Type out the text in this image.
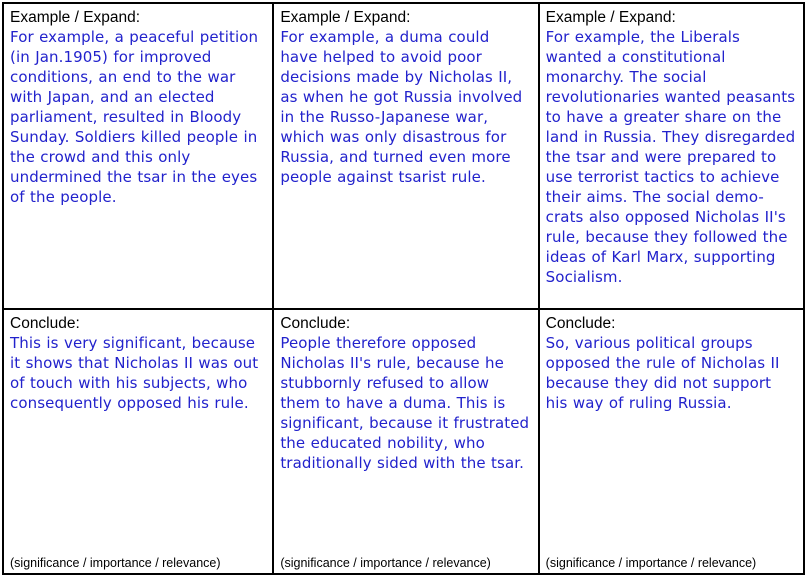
Example / Expand:
For example, a peaceful petition (in Jan.1905) for improved conditions, an end to the war with Japan, and an elected parliament, resulted in Bloody Sunday. Soldiers killed people in the crowd and this only undermined the tsar in the eyes of the people.
Example / Expand:
For example, a duma could have helped to avoid poor decisions made by Nicholas II, as when he got Russia involved in the Russo-Japanese war, which was only disastrous for Russia, and turned even more people against tsarist rule.
Example / Expand:
For example, the Liberals wanted a constitutional monarchy. The social revolutionaries wanted peasants to have a greater share on the land in Russia. They disregarded the tsar and were prepared to use terrorist tactics to achieve their aims. The social demo-crats also opposed Nicholas II's rule, because they followed the ideas of Karl Marx, supporting Socialism.
Conclude:
This is very significant, because it shows that Nicholas II was out of touch with his subjects, who consequently opposed his rule.
(significance / importance / relevance)
Conclude:
People therefore opposed Nicholas II's rule, because he stubbornly refused to allow them to have a duma. This is significant, because it frustrated the educated nobility, who traditionally sided with the tsar.
(significance / importance / relevance)
Conclude:
So, various political groups opposed the rule of Nicholas II because they did not support his way of ruling Russia.
(significance / importance / relevance)
